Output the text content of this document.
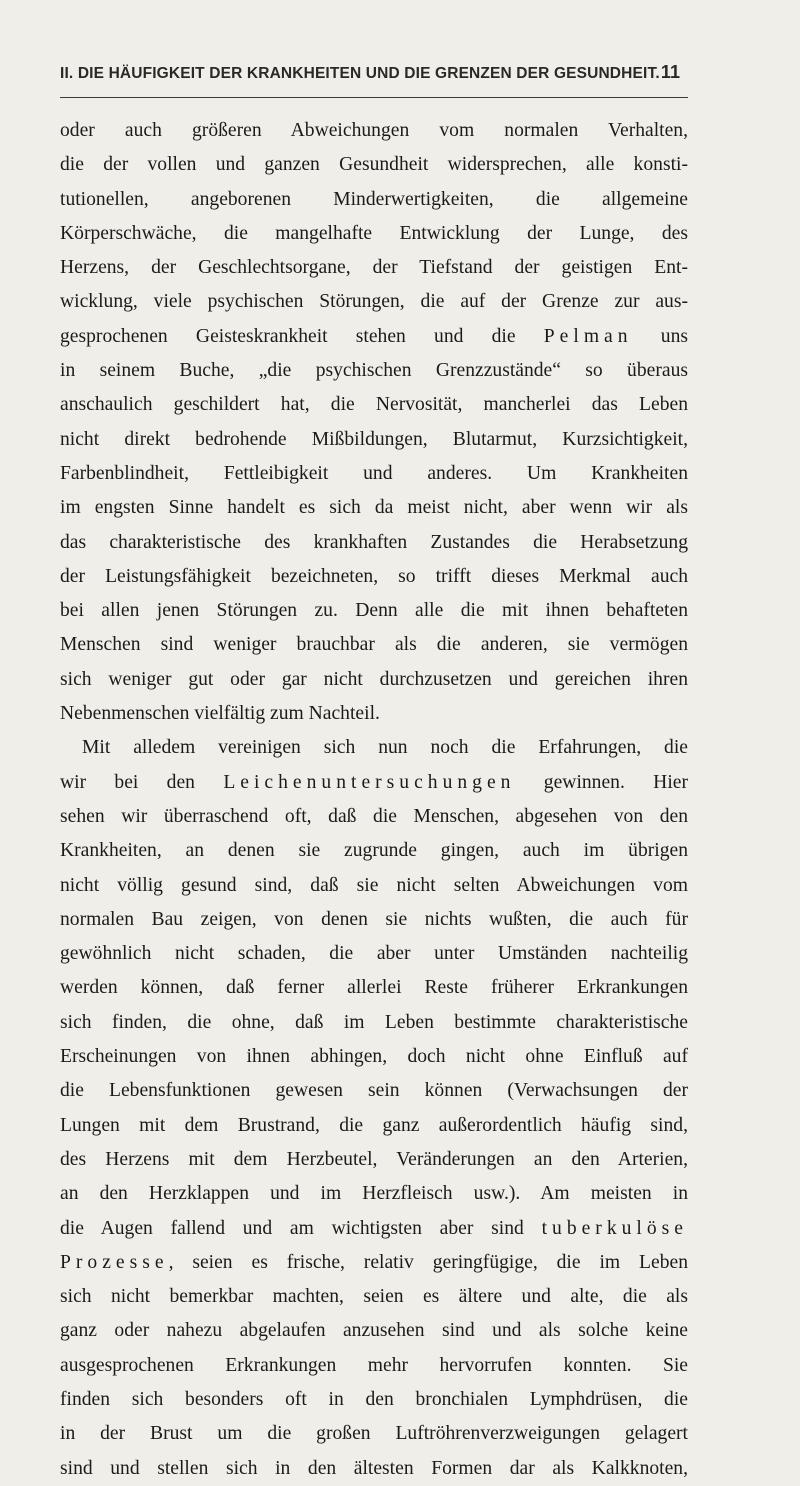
II. DIE HÄUFIGKEIT DER KRANKHEITEN UND DIE GRENZEN DER GESUNDHEIT.11
oder auch größeren Abweichungen vom normalen Verhalten,
die der vollen und ganzen Gesundheit widersprechen, alle konsti-
tutionellen, angeborenen Minderwertigkeiten, die allgemeine
Körperschwäche, die mangelhafte Entwicklung der Lunge, des
Herzens, der Geschlechtsorgane, der Tiefstand der geistigen Ent-
wicklung, viele psychischen Störungen, die auf der Grenze zur aus-
gesprochenen Geisteskrankheit stehen und die Pelman uns
in seinem Buche, „die psychischen Grenzzustände“ so überaus
anschaulich geschildert hat, die Nervosität, mancherlei das Leben
nicht direkt bedrohende Mißbildungen, Blutarmut, Kurzsichtigkeit,
Farbenblindheit, Fettleibigkeit und anderes. Um Krankheiten
im engsten Sinne handelt es sich da meist nicht, aber wenn wir als
das charakteristische des krankhaften Zustandes die Herabsetzung
der Leistungsfähigkeit bezeichneten, so trifft dieses Merkmal auch
bei allen jenen Störungen zu. Denn alle die mit ihnen behafteten
Menschen sind weniger brauchbar als die anderen, sie vermögen
sich weniger gut oder gar nicht durchzusetzen und gereichen ihren
Nebenmenschen vielfältig zum Nachteil.
Mit alledem vereinigen sich nun noch die Erfahrungen, die
wir bei den Leichenuntersuchungen gewinnen. Hier
sehen wir überraschend oft, daß die Menschen, abgesehen von den
Krankheiten, an denen sie zugrunde gingen, auch im übrigen
nicht völlig gesund sind, daß sie nicht selten Abweichungen vom
normalen Bau zeigen, von denen sie nichts wußten, die auch für
gewöhnlich nicht schaden, die aber unter Umständen nachteilig
werden können, daß ferner allerlei Reste früherer Erkrankungen
sich finden, die ohne, daß im Leben bestimmte charakteristische
Erscheinungen von ihnen abhingen, doch nicht ohne Einfluß auf
die Lebensfunktionen gewesen sein können (Verwachsungen der
Lungen mit dem Brustrand, die ganz außerordentlich häufig sind,
des Herzens mit dem Herzbeutel, Veränderungen an den Arterien,
an den Herzklappen und im Herzfleisch usw.). Am meisten in
die Augen fallend und am wichtigsten aber sind tuberkulöse
Prozesse, seien es frische, relativ geringfügige, die im Leben
sich nicht bemerkbar machten, seien es ältere und alte, die als
ganz oder nahezu abgelaufen anzusehen sind und als solche keine
ausgesprochenen Erkrankungen mehr hervorrufen konnten. Sie
finden sich besonders oft in den bronchialen Lymphdrüsen, die
in der Brust um die großen Luftröhrenverzweigungen gelagert
sind und stellen sich in den ältesten Formen dar als Kalkknoten,
